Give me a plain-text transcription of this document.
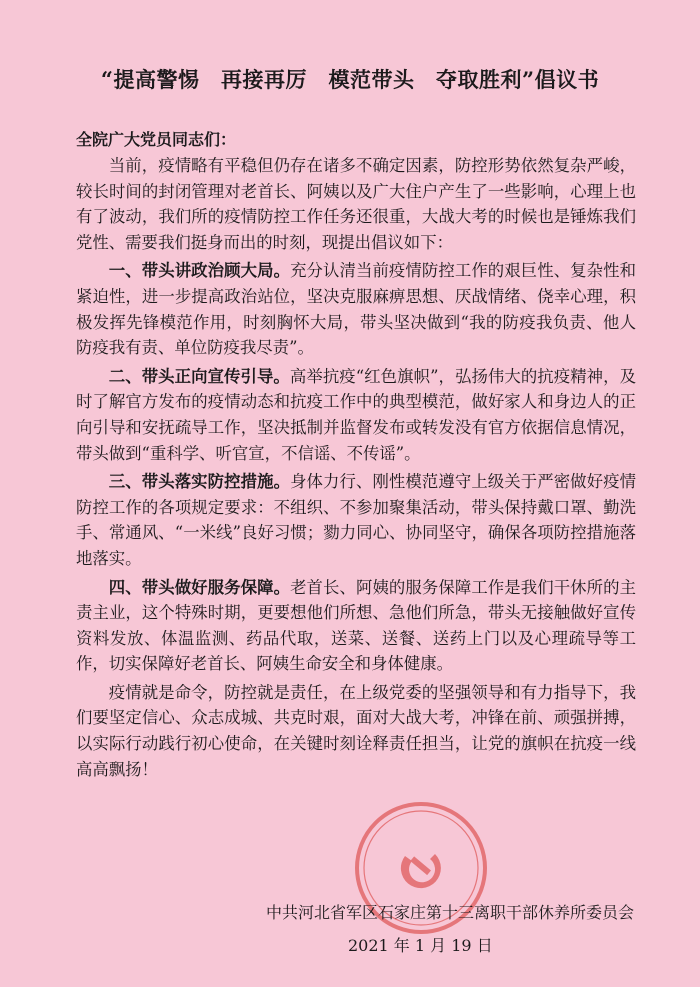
“提高警惕　再接再厉　模范带头　夺取胜利”倡议书
全院广大党员同志们：

当前，疫情略有平稳但仍存在诸多不确定因素，防控形势依然复杂严峻，较长时间的封闭管理对老首长、阿姨以及广大住户产生了一些影响，心理上也有了波动，我们所的疫情防控工作任务还很重，大战大考的时候也是锤炼我们党性、需要我们挺身而出的时刻，现提出倡议如下：

一、带头讲政治顾大局。充分认清当前疫情防控工作的艰巨性、复杂性和紧迫性，进一步提高政治站位，坚决克服麻痹思想、厌战情绪、侥幸心理，积极发挥先锋模范作用，时刻胸怀大局，带头坚决做到“我的防疫我负责、他人防疫我有责、单位防疫我尽责”。

二、带头正向宣传引导。高举抗疫“红色旗帜”，弘扬伟大的抗疫精神，及时了解官方发布的疫情动态和抗疫工作中的典型模范，做好家人和身边人的正向引导和安抚疏导工作，坚决抵制并监督发布或转发没有官方依据信息情况，带头做到“重科学、听官宣，不信谣、不传谣”。

三、带头落实防控措施。身体力行、刚性模范遵守上级关于严密做好疫情防控工作的各项规定要求：不组织、不参加聚集活动，带头保持戴口罩、勤洗手、常通风、“一米线”良好习惯；勠力同心、协同坚守，确保各项防控措施落地落实。

四、带头做好服务保障。老首长、阿姨的服务保障工作是我们干休所的主责主业，这个特殊时期，更要想他们所想、急他们所急，带头无接触做好宣传资料发放、体温监测、药品代取，送菜、送餐、送药上门以及心理疏导等工作，切实保障好老首长、阿姨生命安全和身体健康。

疫情就是命令，防控就是责任，在上级党委的坚强领导和有力指导下，我们要坚定信心、众志成城、共克时艰，面对大战大考，冲锋在前、顽强拼搏，以实际行动践行初心使命，在关键时刻诠释责任担当，让党的旗帜在抗疫一线高高飘扬！

中共河北省军区石家庄第十三离职干部休养所委员会
2021 年 1 月 19 日
